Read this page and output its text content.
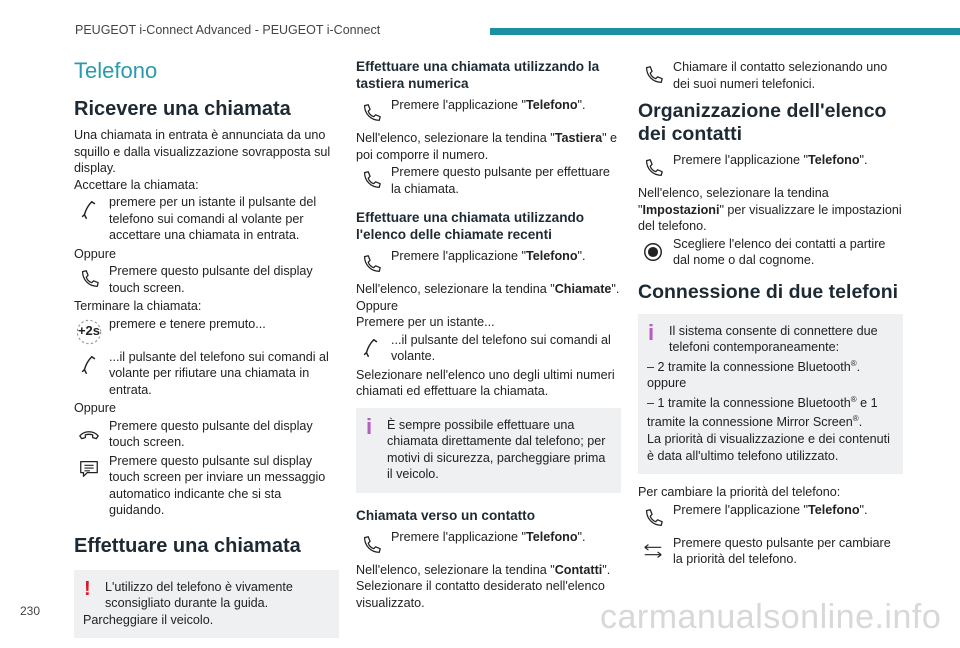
PEUGEOT i-Connect Advanced - PEUGEOT i-Connect
Telefono
Ricevere una chiamata

Una chiamata in entrata è annunciata da uno squillo e dalla visualizzazione sovrapposta sul display.

Accettare la chiamata:

premere per un istante il pulsante del telefono sui comandi al volante per accettare una chiamata in entrata.

Oppure

Premere questo pulsante del display touch screen.

Terminare la chiamata:

+2s premere e tenere premuto...
...il pulsante del telefono sui comandi al volante per rifiutare una chiamata in entrata.

Oppure

Premere questo pulsante del display touch screen.
Premere questo pulsante sul display touch screen per inviare un messaggio automatico indicante che si sta guidando.
Effettuare una chiamata
!	L'utilizzo del telefono è vivamente sconsigliato durante la guida.

Parcheggiare il veicolo.

Effettuare una chiamata utilizzando la tastiera numerica
Premere l'applicazione "Telefono".

Nell'elenco, selezionare la tendina "Tastiera" e poi comporre il numero.

Premere questo pulsante per effettuare la chiamata.
Effettuare una chiamata utilizzando l'elenco delle chiamate recenti
Premere l'applicazione "Telefono".

Nell'elenco, selezionare la tendina "Chiamate".

Oppure

Premere per un istante...

...il pulsante del telefono sui comandi al volante.

Selezionare nell'elenco uno degli ultimi numeri chiamati ed effettuare la chiamata.

i	È sempre possibile effettuare una chiamata direttamente dal telefono; per motivi di sicurezza, parcheggiare prima il veicolo.
Chiamata verso un contatto
Premere l'applicazione "Telefono".

Nell'elenco, selezionare la tendina "Contatti".

Selezionare il contatto desiderato nell'elenco visualizzato.

Chiamare il contatto selezionando uno dei suoi numeri telefonici.
Organizzazione dell'elenco dei contatti
Premere l'applicazione "Telefono".

Nell'elenco, selezionare la tendina "Impostazioni" per visualizzare le impostazioni del telefono.

Scegliere l'elenco dei contatti a partire dal nome o dal cognome.
Connessione di due telefoni
i	Il sistema consente di connettere due telefoni contemporaneamente:

– 2 tramite la connessione Bluetooth®.

oppure

– 1 tramite la connessione Bluetooth® e 1 tramite la connessione Mirror Screen®.

La priorità di visualizzazione e dei contenuti è data all'ultimo telefono utilizzato.

Per cambiare la priorità del telefono:

Premere l'applicazione "Telefono".
Premere questo pulsante per cambiare la priorità del telefono.
230	carmanualsonline.info
